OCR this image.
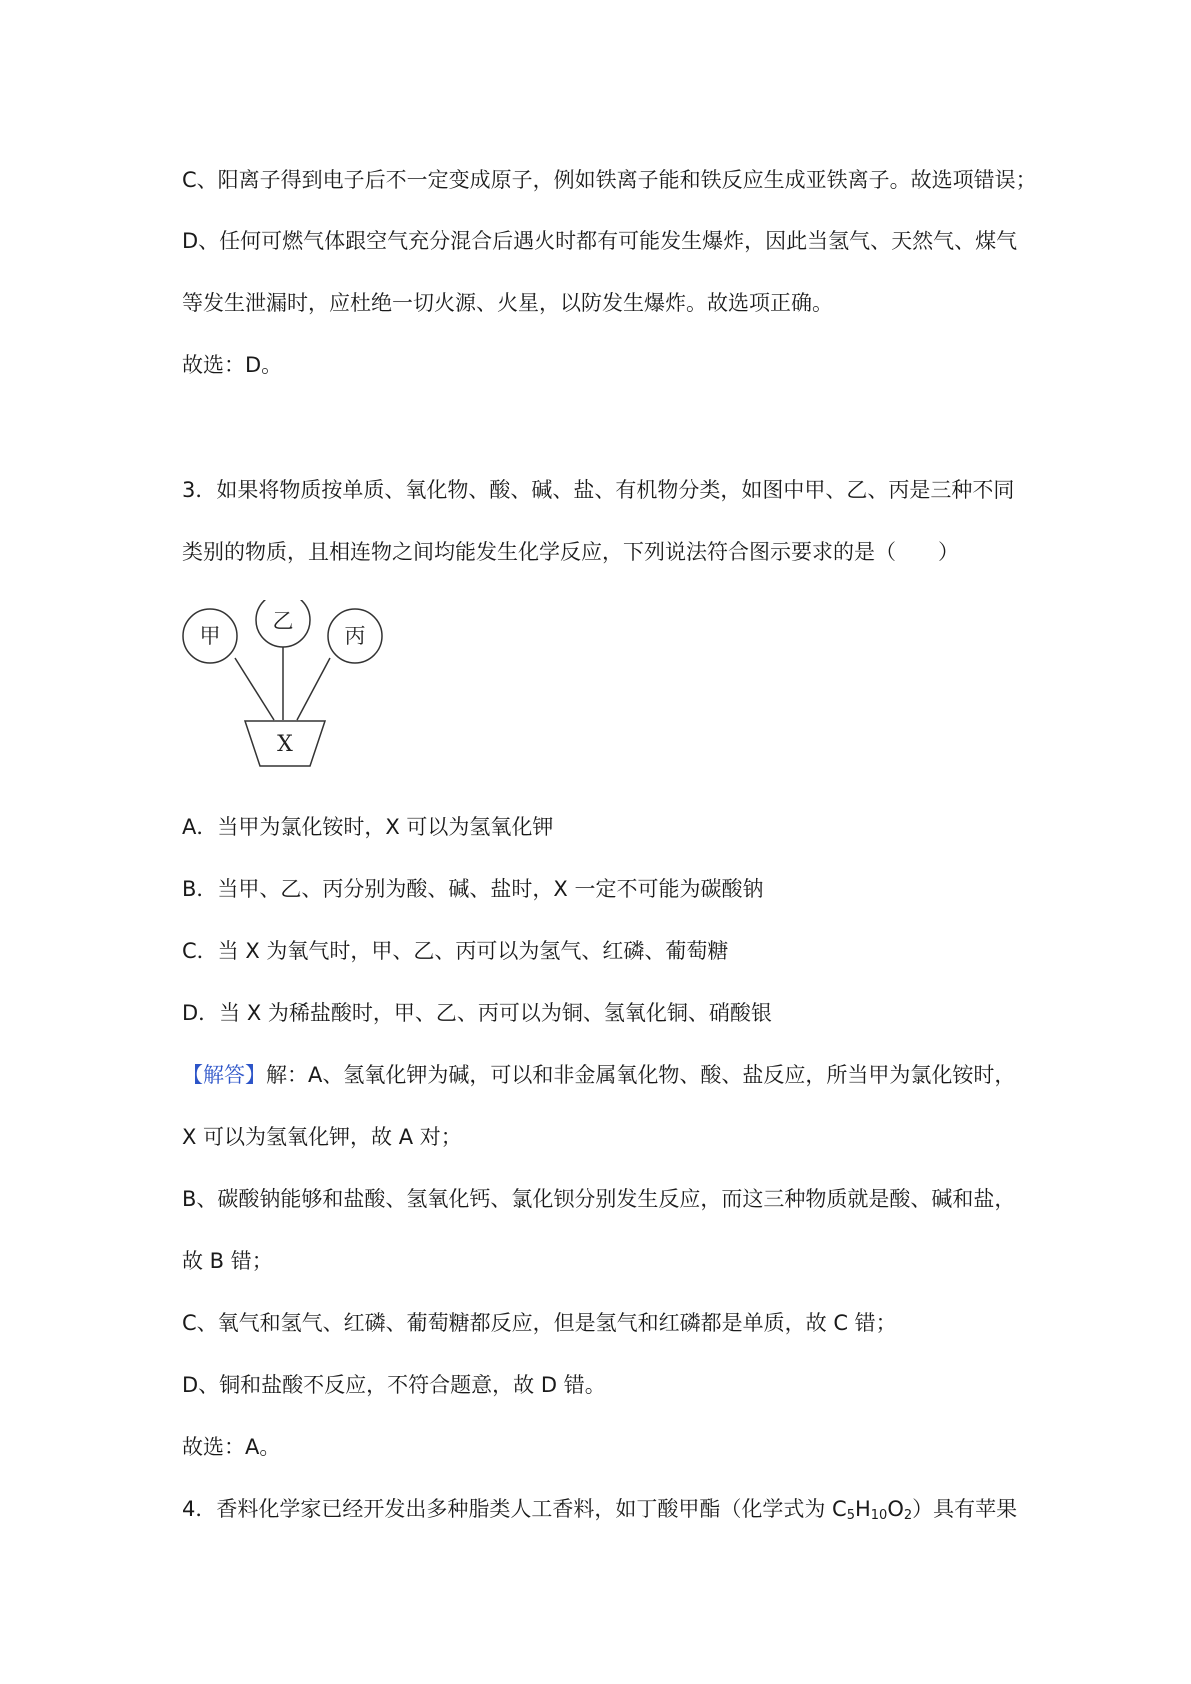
C、阳离子得到电子后不一定变成原子，例如铁离子能和铁反应生成亚铁离子。故选项错误；
D、任何可燃气体跟空气充分混合后遇火时都有可能发生爆炸，因此当氢气、天然气、煤气
等发生泄漏时，应杜绝一切火源、火星，以防发生爆炸。故选项正确。
故选：D。
3．如果将物质按单质、氧化物、酸、碱、盐、有机物分类，如图中甲、乙、丙是三种不同
类别的物质，且相连物之间均能发生化学反应，下列说法符合图示要求的是（　　）
甲
乙
丙
X
A．当甲为氯化铵时，X 可以为氢氧化钾
B．当甲、乙、丙分别为酸、碱、盐时，X 一定不可能为碳酸钠
C．当 X 为氧气时，甲、乙、丙可以为氢气、红磷、葡萄糖
D．当 X 为稀盐酸时，甲、乙、丙可以为铜、氢氧化铜、硝酸银
【解答】解：A、氢氧化钾为碱，可以和非金属氧化物、酸、盐反应，所当甲为氯化铵时，
X 可以为氢氧化钾，故 A 对；
B、碳酸钠能够和盐酸、氢氧化钙、氯化钡分别发生反应，而这三种物质就是酸、碱和盐，
故 B 错；
C、氧气和氢气、红磷、葡萄糖都反应，但是氢气和红磷都是单质，故 C 错；
D、铜和盐酸不反应，不符合题意，故 D 错。
故选：A。
4．香料化学家已经开发出多种脂类人工香料，如丁酸甲酯（化学式为 $C_5H_{10}O_2$）具有苹果
